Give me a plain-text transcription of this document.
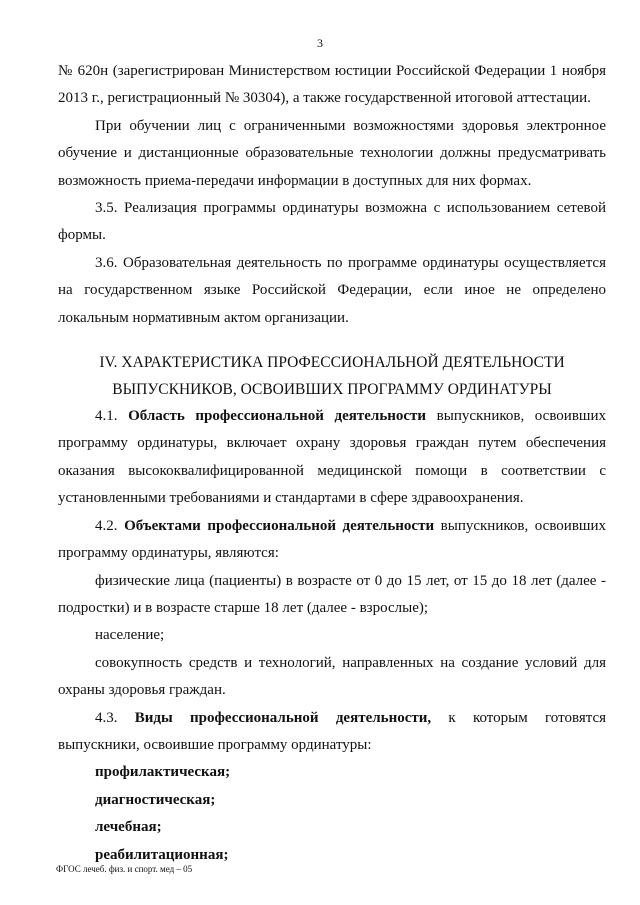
3

№ 620н (зарегистрирован Министерством юстиции Российской Федерации 1 ноября 2013 г., регистрационный № 30304), а также государственной итоговой аттестации.

При обучении лиц с ограниченными возможностями здоровья электронное обучение и дистанционные образовательные технологии должны предусматривать возможность приема-передачи информации в доступных для них формах.

3.5. Реализация программы ординатуры возможна с использованием сетевой формы.

3.6. Образовательная деятельность по программе ординатуры осуществляется на государственном языке Российской Федерации, если иное не определено локальным нормативным актом организации.

IV. ХАРАКТЕРИСТИКА ПРОФЕССИОНАЛЬНОЙ ДЕЯТЕЛЬНОСТИ
ВЫПУСКНИКОВ, ОСВОИВШИХ ПРОГРАММУ ОРДИНАТУРЫ

4.1. Область профессиональной деятельности выпускников, освоивших программу ординатуры, включает охрану здоровья граждан путем обеспечения оказания высококвалифицированной медицинской помощи в соответствии с установленными требованиями и стандартами в сфере здравоохранения.

4.2. Объектами профессиональной деятельности выпускников, освоивших программу ординатуры, являются:

физические лица (пациенты) в возрасте от 0 до 15 лет, от 15 до 18 лет (далее - подростки) и в возрасте старше 18 лет (далее - взрослые);

население;

совокупность средств и технологий, направленных на создание условий для охраны здоровья граждан.

4.3. Виды профессиональной деятельности, к которым готовятся выпускники, освоившие программу ординатуры:

профилактическая;

диагностическая;

лечебная;

реабилитационная;

ФГОС лечеб. физ. и спорт. мед – 05
